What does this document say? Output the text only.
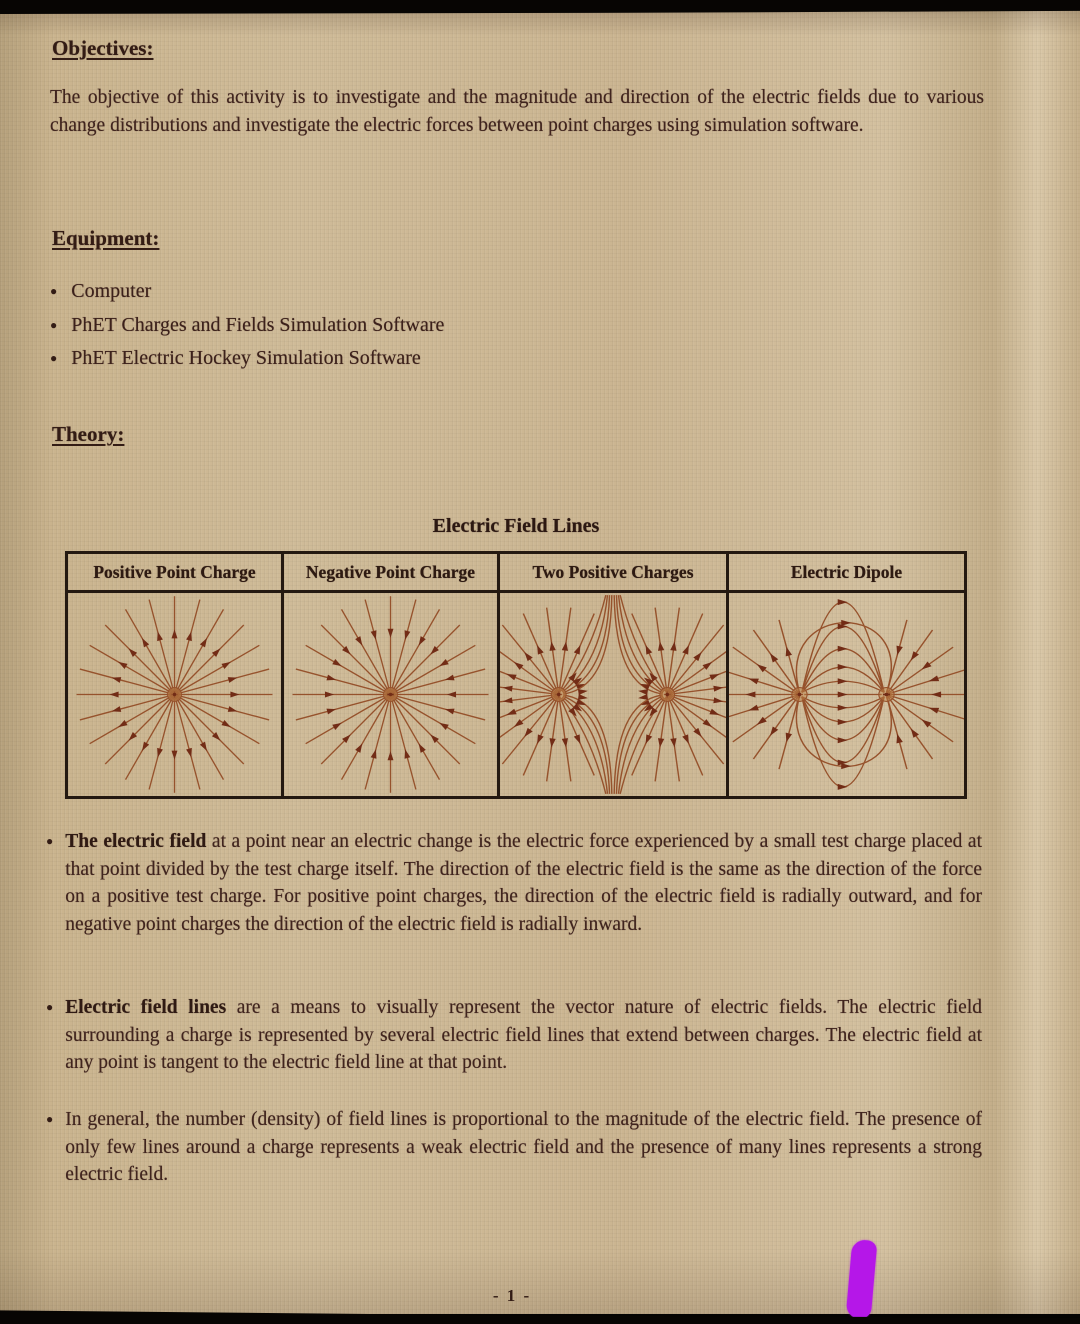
Objectives:
The objective of this activity is to investigate and the magnitude and direction of the electric fields due to various change distributions and investigate the electric forces between point charges using simulation software.
Equipment:
● Computer
● PhET Charges and Fields Simulation Software
● PhET Electric Hockey Simulation Software
Theory:
Electric Field Lines
Positive Point Charge	Negative Point Charge	Two Positive Charges	Electric Dipole
● The electric field at a point near an electric change is the electric force experienced by a small test charge placed at that point divided by the test charge itself. The direction of the electric field is the same as the direction of the force on a positive test charge. For positive point charges, the direction of the electric field is radially outward, and for negative point charges the direction of the electric field is radially inward.
● Electric field lines are a means to visually represent the vector nature of electric fields. The electric field surrounding a charge is represented by several electric field lines that extend between charges. The electric field at any point is tangent to the electric field line at that point.
● In general, the number (density) of field lines is proportional to the magnitude of the electric field. The presence of only few lines around a charge represents a weak electric field and the presence of many lines represents a strong electric field.
- 1 -
